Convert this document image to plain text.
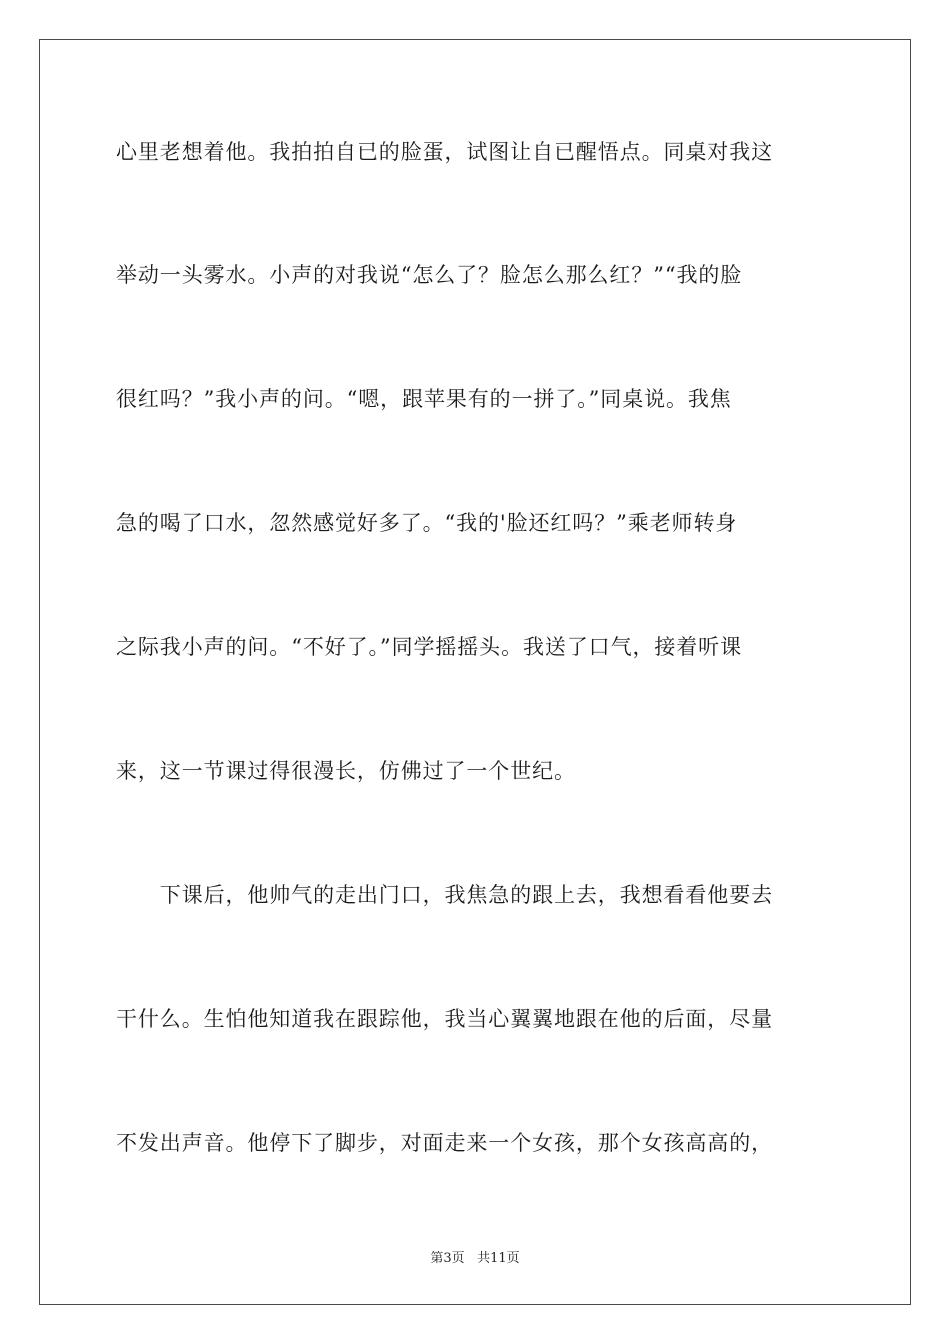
心里老想着他。我拍拍自已的脸蛋，试图让自已醒悟点。同桌对我这
举动一头雾水。小声的对我说“怎么了？脸怎么那么红？”“我的脸
很红吗？”我小声的问。“嗯，跟苹果有的一拼了。”同桌说。我焦
急的喝了口水，忽然感觉好多了。“我的'脸还红吗？”乘老师转身
之际我小声的问。“不好了。”同学摇摇头。我送了口气，接着听课
来，这一节课过得很漫长，仿佛过了一个世纪。
　　下课后，他帅气的走出门口，我焦急的跟上去，我想看看他要去
干什么。生怕他知道我在跟踪他，我当心翼翼地跟在他的后面，尽量
不发出声音。他停下了脚步，对面走来一个女孩，那个女孩高高的，
第3页 共11页
